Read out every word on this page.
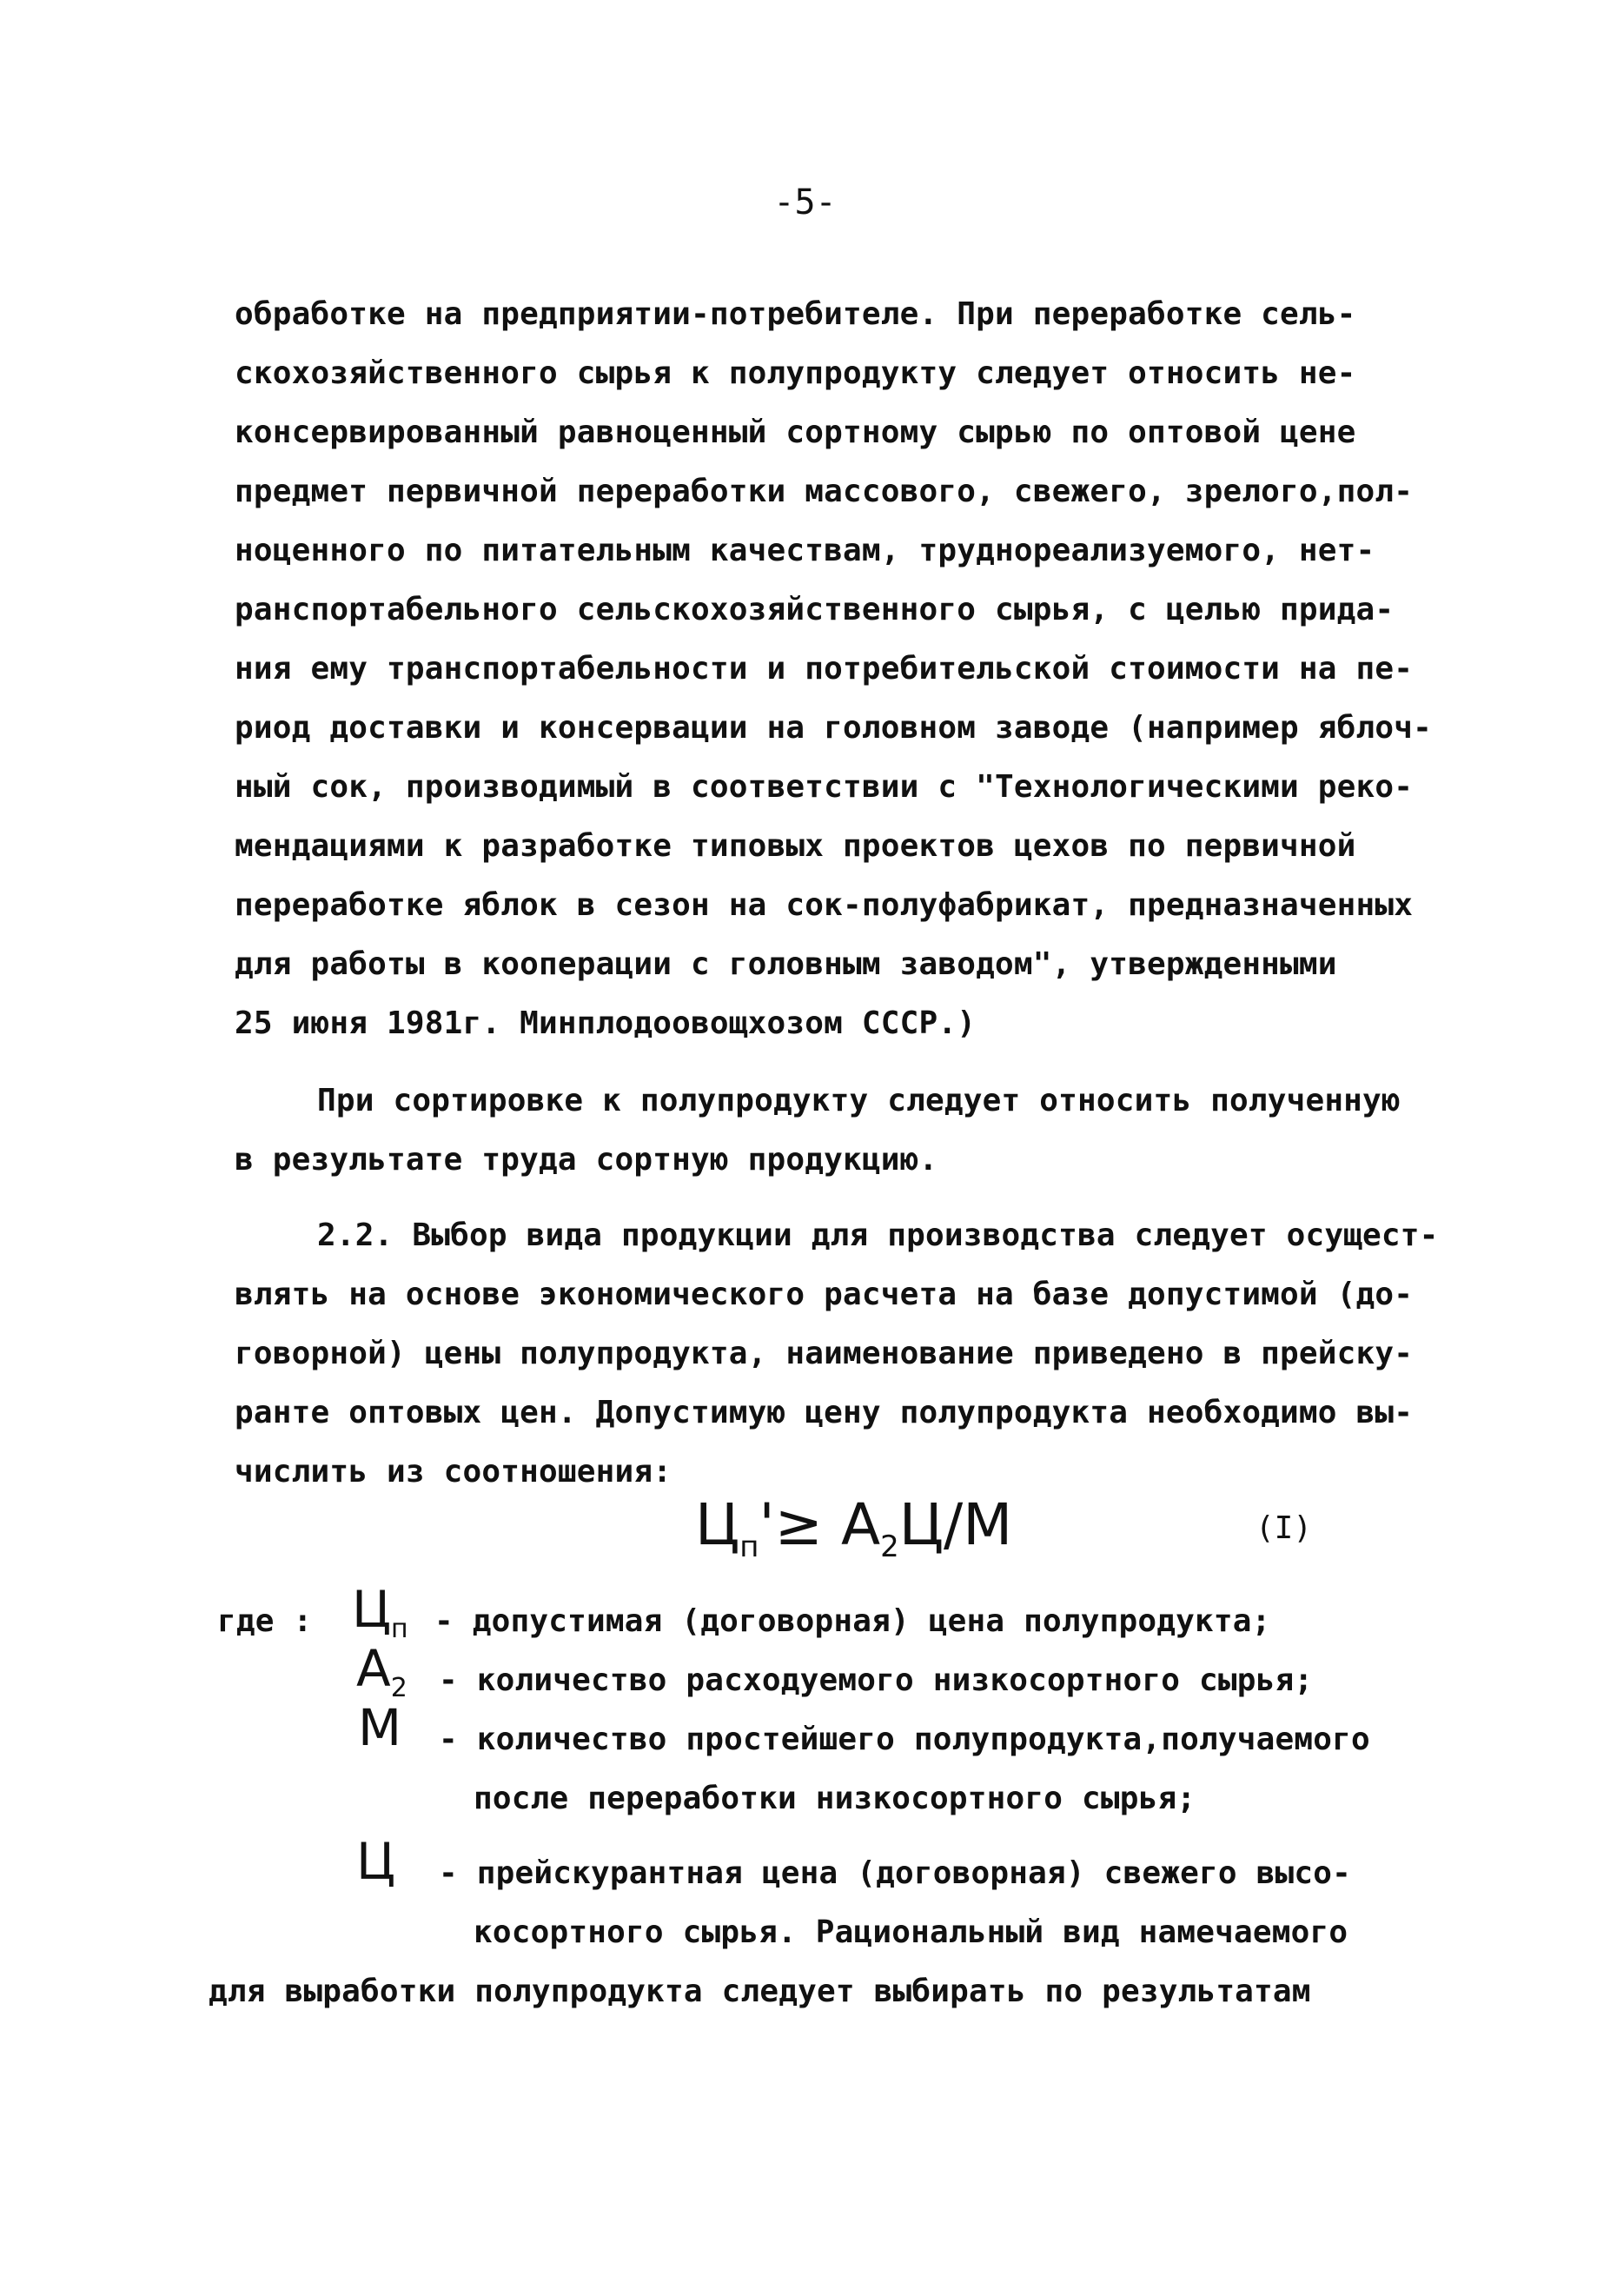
-5-
обработке на предприятии-потребителе. При переработке сель-
скохозяйственного сырья к полупродукту следует относить не-
консервированный равноценный сортному сырью по оптовой цене
предмет первичной переработки массового, свежего, зрелого,пол-
ноценного по питательным качествам, труднореализуемого, нет-
ранспортабельного сельскохозяйственного сырья, с целью прида-
ния ему транспортабельности и потребительской стоимости на пе-
риод доставки и консервации на головном заводе (например яблоч-
ный сок, производимый в соответствии с "Технологическими реко-
мендациями к разработке типовых проектов цехов по первичной
переработке яблок в сезон на сок-полуфабрикат, предназначенных
для работы в кооперации с головным заводом", утвержденными
25 июня 1981г. Минплодоовощхозом СССР.)
При сортировке к полупродукту следует относить полученную
в результате труда сортную продукцию.
2.2. Выбор вида продукции для производства следует осущест-
влять на основе экономического расчета на базе допустимой (до-
говорной) цены полупродукта, наименование приведено в прейску-
ранте оптовых цен. Допустимую цену полупродукта необходимо вы-
числить из соотношения:
$Ц_п'\ge А_2Ц/М$	(I)
где : $Ц_п$ - допустимая (договорная) цена полупродукта;
$А_2$ - количество расходуемого низкосортного сырья;
М - количество простейшего полупродукта,получаемого
после переработки низкосортного сырья;
Ц - прейскурантная цена (договорная) свежего высо-
косортного сырья. Рациональный вид намечаемого
для выработки полупродукта следует выбирать по результатам
